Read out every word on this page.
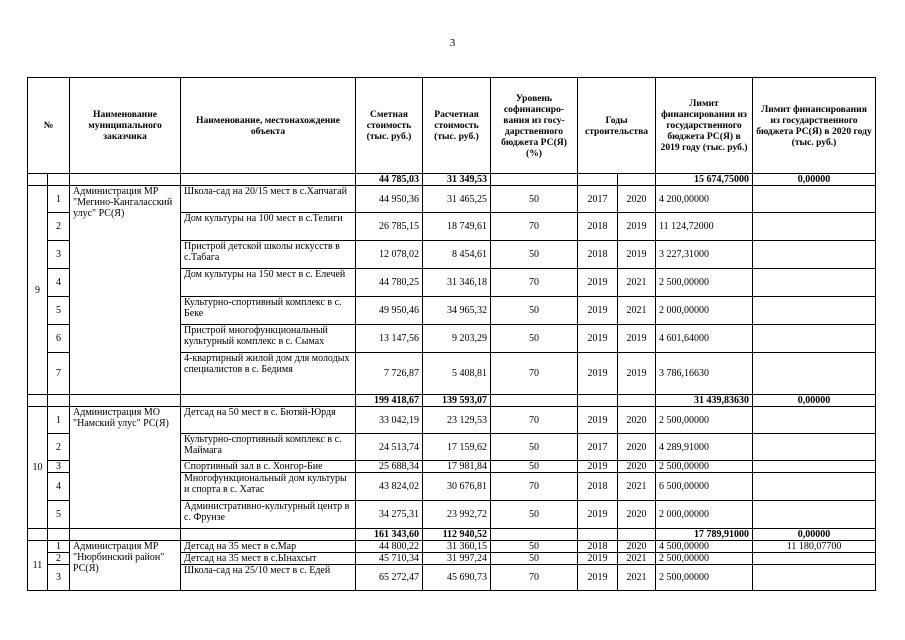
3
№		Наименование муниципального заказчика	Наименование, местонахождение объекта	Сметная стоимость (тыс. руб.)	Расчетная стоимость (тыс. руб.)	Уровень софинансиро-вания из госу-дарственного бюджета РС(Я) (%)	Годы строительства		Лимит финансирования из государственного бюджета РС(Я) в 2019 году (тыс. руб.)	Лимит финансирования из государственного бюджета РС(Я) в 2020 году (тыс. руб.)
				44 785,03	31 349,53				15 674,75000	0,00000
9	1	Администрация МР "Мегино-Кангаласский улус" РС(Я)	Школа-сад на 20/15 мест в с.Хапчагай	44 950,36	31 465,25	50	2017	2020	4 200,00000	
	2		Дом культуры на 100 мест в с.Телиги	26 785,15	18 749,61	70	2018	2019	11 124,72000	
	3		Пристрой детской школы искусств в с.Табага	12 078,02	8 454,61	50	2018	2019	3 227,31000	
	4		Дом культуры на 150 мест в с. Елечей	44 780,25	31 346,18	70	2019	2021	2 500,00000	
	5		Культурно-спортивный комплекс в с. Беке	49 950,46	34 965,32	50	2019	2021	2 000,00000	
	6		Пристрой многофункциональный культурный комплекс в с. Сымах	13 147,56	9 203,29	50	2019	2019	4 601,64000	
	7		4-квартирный жилой дом для молодых специалистов в с. Бедимя	7 726,87	5 408,81	70	2019	2019	3 786,16630	
				199 418,67	139 593,07				31 439,83630	0,00000
10	1	Администрация МО "Намский улус" РС(Я)	Детсад на 50 мест в с. Бютяй-Юрдя	33 042,19	23 129,53	70	2019	2020	2 500,00000	
	2		Культурно-спортивный комплекс в с. Маймага	24 513,74	17 159,62	50	2017	2020	4 289,91000	
	3		Спортивный зал в с. Хонгор-Бие	25 688,34	17 981,84	50	2019	2020	2 500,00000	
	4		Многофункциональный дом культуры и спорта в с. Хатас	43 824,02	30 676,81	70	2018	2021	6 500,00000	
	5		Административно-культурный центр в с. Фрунзе	34 275,31	23 992,72	50	2019	2020	2 000,00000	
				161 343,60	112 940,52				17 789,91000	0,00000
11	1	Администрация МР "Нюрбинский район" РС(Я)	Детсад на 35 мест в с.Мар	44 800,22	31 360,15	50	2018	2020	4 500,00000	11 180,07700
	2		Детсад на 35 мест в с.Ынахсыт	45 710,34	31 997,24	50	2019	2021	2 500,00000	
	3		Школа-сад на 25/10 мест в с. Едей	65 272,47	45 690,73	70	2019	2021	2 500,00000	
